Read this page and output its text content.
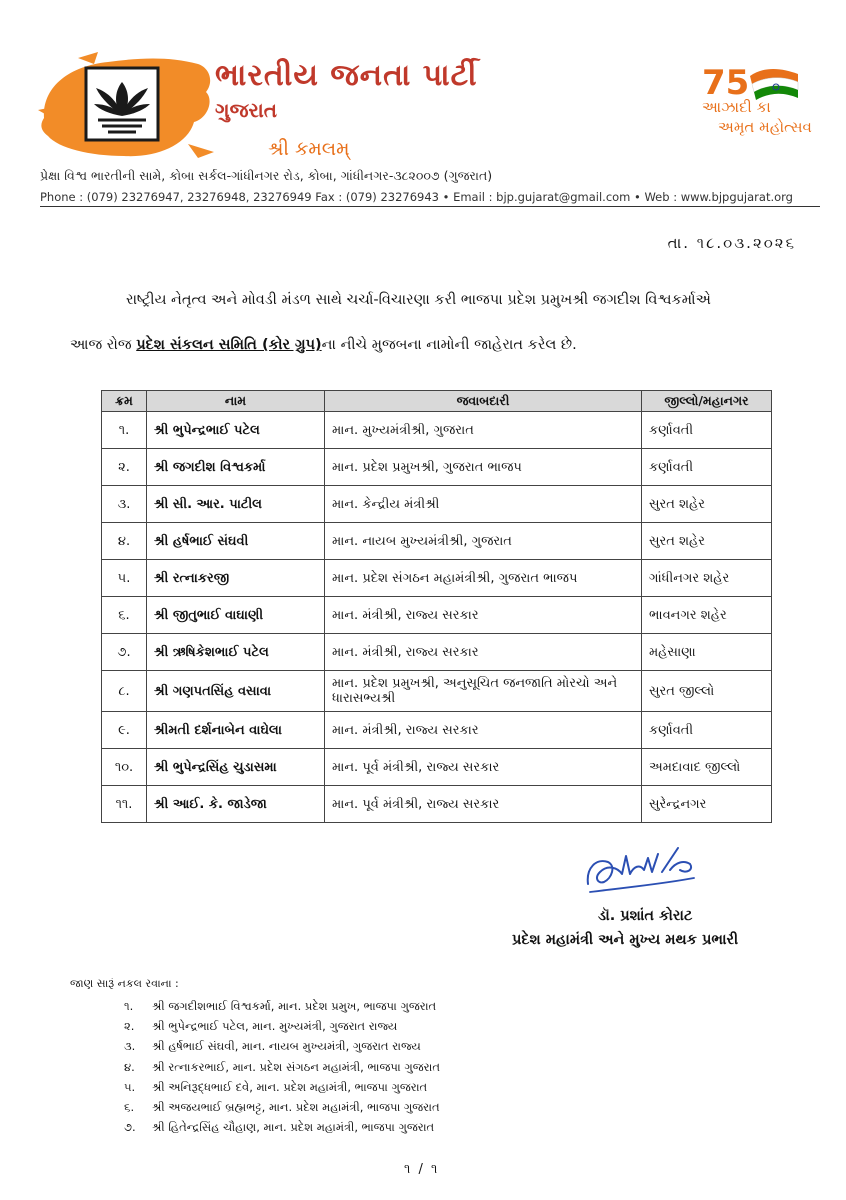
ભારતીય જનતા પાર્ટી
ગુજરાત
શ્રી કમલમ્
75
આઝાદી કા
અમૃત મહોત્સવ
પ્રેક્ષા વિશ્વ ભારતીની સામે, કોબા સર્કલ-ગાંધીનગર રોડ, કોબા, ગાંધીનગર-૩૮૨૦૦૭ (ગુજરાત)
Phone : (079) 23276947, 23276948, 23276949 Fax : (079) 23276943 • Email : bjp.gujarat@gmail.com • Web : www.bjpgujarat.org
તા. ૧૮.૦૩.૨૦૨૬

રાષ્ટ્રીય નેતૃત્વ અને મોવડી મંડળ સાથે ચર્ચા-વિચારણા કરી ભાજપા પ્રદેશ પ્રમુખશ્રી જગદીશ વિશ્વકર્માએ

આજ રોજ પ્રદેશ સંકલન સમિતિ (કોર ગ્રુપ)ના નીચે મુજબના નામોની જાહેરાત કરેલ છે.

ક્રમ	નામ	જવાબદારી	જીલ્લો/મહાનગર
૧.	શ્રી ભુપેન્દ્રભાઈ પટેલ	માન. મુખ્યમંત્રીશ્રી, ગુજરાત	કર્ણાવતી
૨.	શ્રી જગદીશ વિશ્વકર્મા	માન. પ્રદેશ પ્રમુખશ્રી, ગુજરાત ભાજપ	કર્ણાવતી
૩.	શ્રી સી. આર. પાટીલ	માન. કેન્દ્રીય મંત્રીશ્રી	સુરત શહેર
૪.	શ્રી હર્ષભાઈ સંઘવી	માન. નાયબ મુખ્યમંત્રીશ્રી, ગુજરાત	સુરત શહેર
૫.	શ્રી રત્નાકરજી	માન. પ્રદેશ સંગઠન મહામંત્રીશ્રી, ગુજરાત ભાજપ	ગાંધીનગર શહેર
૬.	શ્રી જીતુભાઈ વાઘાણી	માન. મંત્રીશ્રી, રાજ્ય સરકાર	ભાવનગર શહેર
૭.	શ્રી ઋષિકેશભાઈ પટેલ	માન. મંત્રીશ્રી, રાજ્ય સરકાર	મહેસાણા
૮.	શ્રી ગણપતસિંહ વસાવા	માન. પ્રદેશ પ્રમુખશ્રી, અનુસૂચિત જનજાતિ મોરચો અને ધારાસભ્યશ્રી	સુરત જીલ્લો
૯.	શ્રીમતી દર્શનાબેન વાઘેલા	માન. મંત્રીશ્રી, રાજ્ય સરકાર	કર્ણાવતી
૧૦.	શ્રી ભુપેન્દ્રસિંહ ચુડાસમા	માન. પૂર્વ મંત્રીશ્રી, રાજ્ય સરકાર	અમદાવાદ જીલ્લો
૧૧.	શ્રી આઈ. કે. જાડેજા	માન. પૂર્વ મંત્રીશ્રી, રાજ્ય સરકાર	સુરેન્દ્રનગર
ડૉ. પ્રશાંત કોરાટ
પ્રદેશ મહામંત્રી અને મુખ્ય મથક પ્રભારી
જાણ સારૂં નકલ રવાના :
૧. શ્રી જગદીશભાઈ વિશ્વકર્મા, માન. પ્રદેશ પ્રમુખ, ભાજપા ગુજરાત
૨. શ્રી ભુપેન્દ્રભાઈ પટેલ, માન. મુખ્યમંત્રી, ગુજરાત રાજ્ય
૩. શ્રી હર્ષભાઈ સંઘવી, માન. નાયબ મુખ્યમંત્રી, ગુજરાત રાજ્ય
૪. શ્રી રત્નાકરભાઈ, માન. પ્રદેશ સંગઠન મહામંત્રી, ભાજપા ગુજરાત
૫. શ્રી અનિરૂદ્ધભાઈ દવે, માન. પ્રદેશ મહામંત્રી, ભાજપા ગુજરાત
૬. શ્રી અજયભાઈ બ્રહ્મભટ્ટ, માન. પ્રદેશ મહામંત્રી, ભાજપા ગુજરાત
૭. શ્રી હિતેન્દ્રસિંહ ચૌહાણ, માન. પ્રદેશ મહામંત્રી, ભાજપા ગુજરાત
૧ / ૧
